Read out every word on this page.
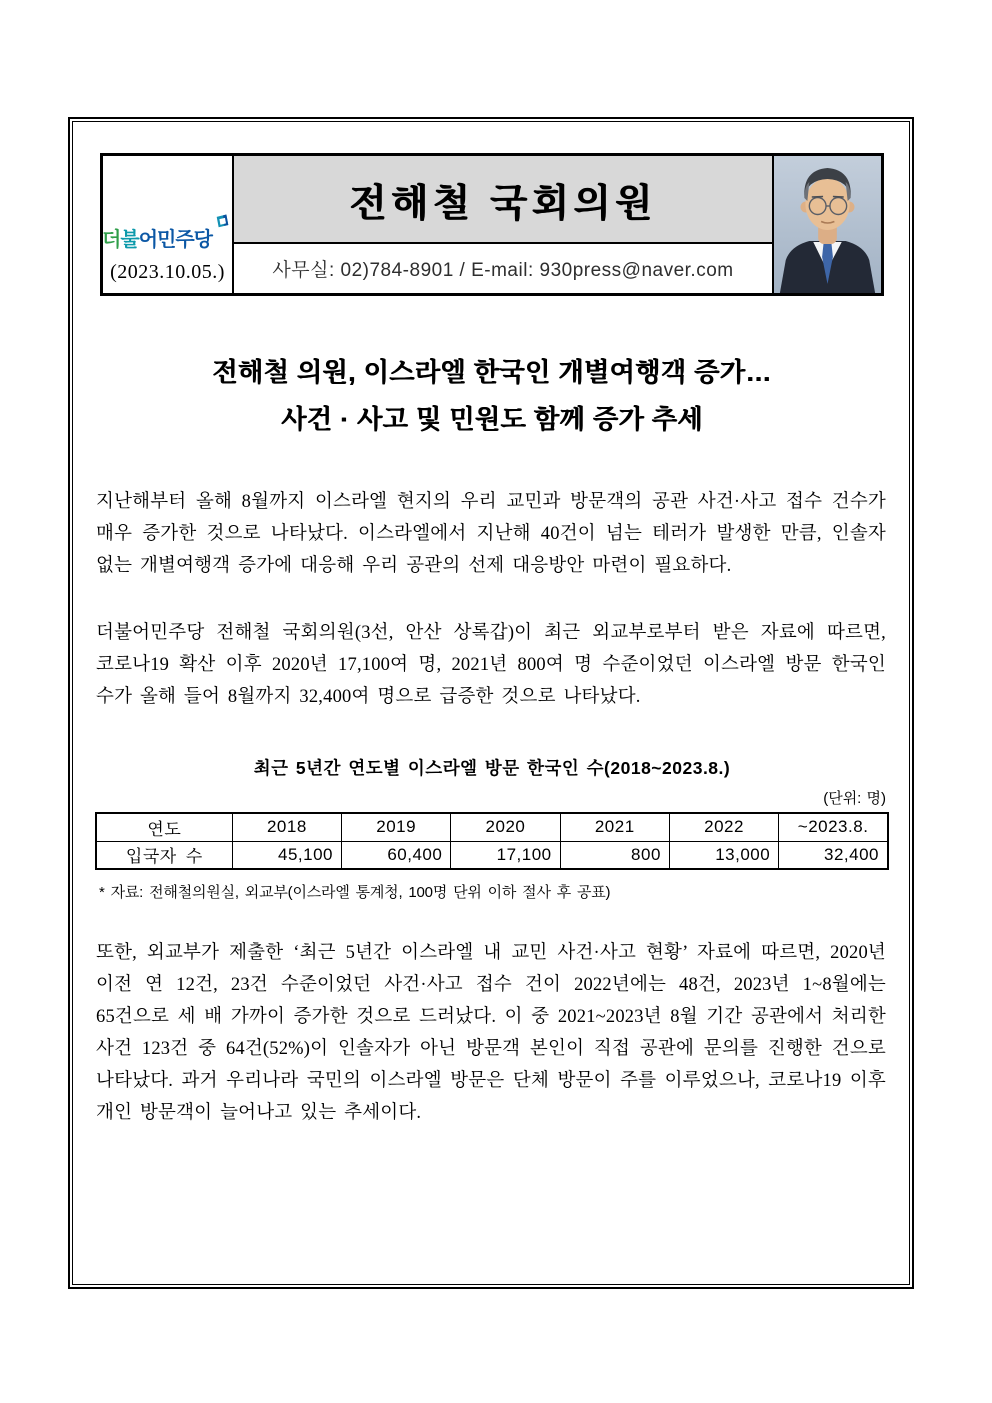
더불어민주당
(2023.10.05.)
전해철 국회의원
사무실: 02)784-8901 / E-mail: 930press@naver.com
전해철 의원, 이스라엘 한국인 개별여행객 증가…
사건 · 사고 및 민원도 함께 증가 추세

지난해부터 올해 8월까지 이스라엘 현지의 우리 교민과 방문객의 공관 사건·사고 접수 건수가 매우 증가한 것으로 나타났다. 이스라엘에서 지난해 40건이 넘는 테러가 발생한 만큼, 인솔자 없는 개별여행객 증가에 대응해 우리 공관의 선제 대응방안 마련이 필요하다.

더불어민주당 전해철 국회의원(3선, 안산 상록갑)이 최근 외교부로부터 받은 자료에 따르면, 코로나19 확산 이후 2020년 17,100여 명, 2021년 800여 명 수준이었던 이스라엘 방문 한국인 수가 올해 들어 8월까지 32,400여 명으로 급증한 것으로 나타났다.

최근 5년간 연도별 이스라엘 방문 한국인 수(2018~2023.8.)
(단위: 명)
연도	2018	2019	2020	2021	2022	~2023.8.
입국자 수	45,100	60,400	17,100	800	13,000	32,400
* 자료: 전해철의원실, 외교부(이스라엘 통계청, 100명 단위 이하 절사 후 공표)

또한, 외교부가 제출한 ‘최근 5년간 이스라엘 내 교민 사건·사고 현황’ 자료에 따르면, 2020년 이전 연 12건, 23건 수준이었던 사건·사고 접수 건이 2022년에는 48건, 2023년 1~8월에는 65건으로 세 배 가까이 증가한 것으로 드러났다. 이 중 2021~2023년 8월 기간 공관에서 처리한 사건 123건 중 64건(52%)이 인솔자가 아닌 방문객 본인이 직접 공관에 문의를 진행한 건으로 나타났다. 과거 우리나라 국민의 이스라엘 방문은 단체 방문이 주를 이루었으나, 코로나19 이후 개인 방문객이 늘어나고 있는 추세이다.
